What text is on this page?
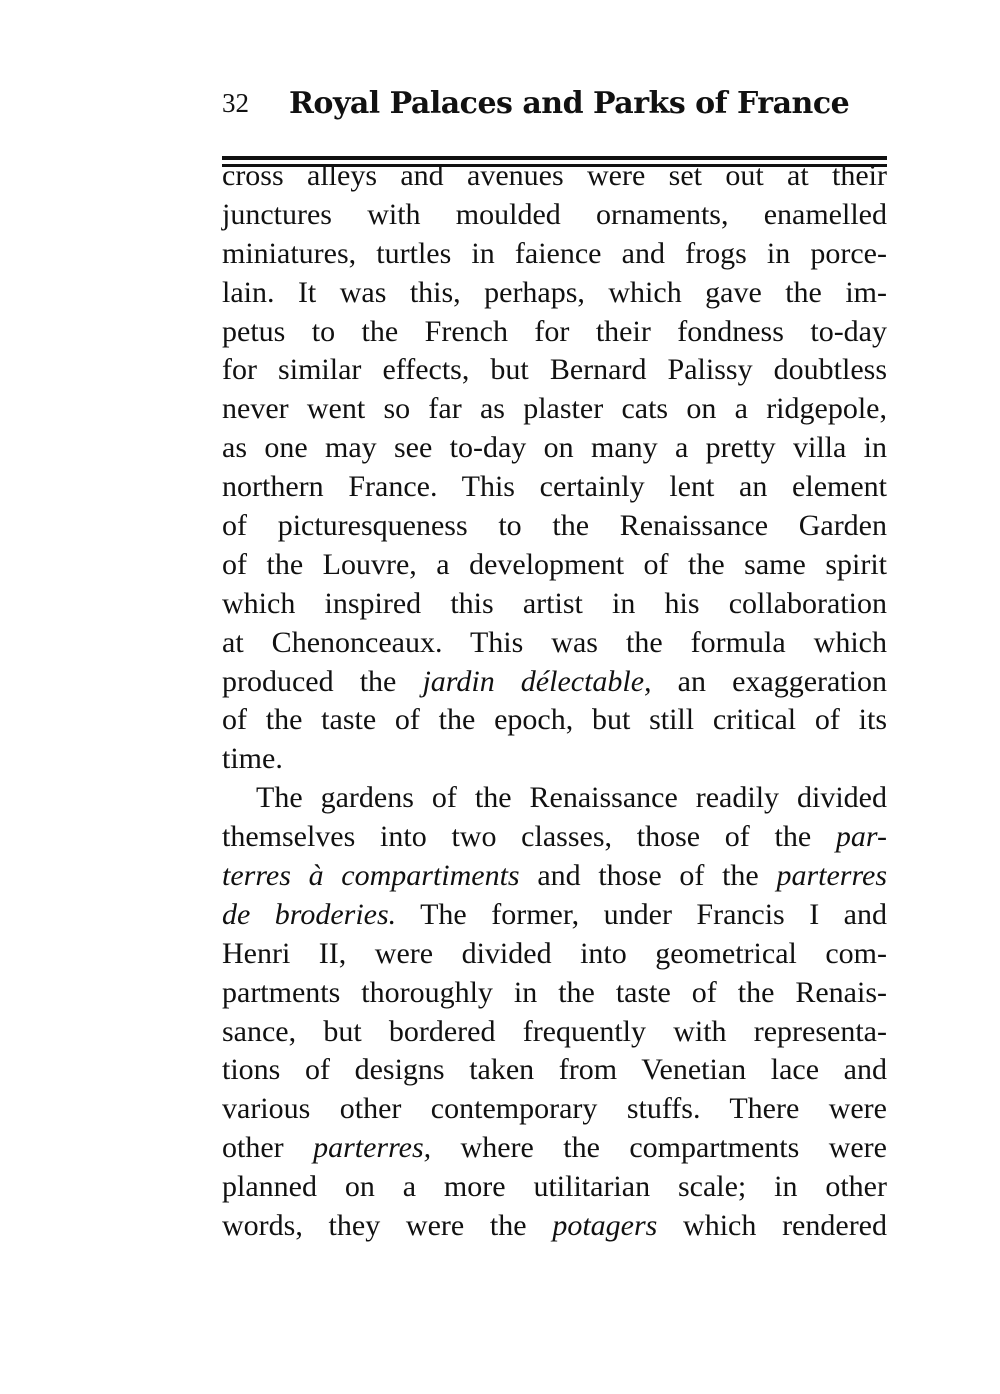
32 Royal Palaces and Parks of France
cross alleys and avenues were set out at their
junctures with moulded ornaments, enamelled
miniatures, turtles in faience and frogs in porce-
lain. It was this, perhaps, which gave the im-
petus to the French for their fondness to-day
for similar effects, but Bernard Palissy doubtless
never went so far as plaster cats on a ridgepole,
as one may see to-day on many a pretty villa in
northern France. This certainly lent an element
of picturesqueness to the Renaissance Garden
of the Louvre, a development of the same spirit
which inspired this artist in his collaboration
at Chenonceaux. This was the formula which
produced the jardin délectable, an exaggeration
of the taste of the epoch, but still critical of its
time.
The gardens of the Renaissance readily divided
themselves into two classes, those of the par-
terres à compartiments and those of the parterres
de broderies. The former, under Francis I and
Henri II, were divided into geometrical com-
partments thoroughly in the taste of the Renais-
sance, but bordered frequently with representa-
tions of designs taken from Venetian lace and
various other contemporary stuffs. There were
other parterres, where the compartments were
planned on a more utilitarian scale; in other
words, they were the potagers which rendered
